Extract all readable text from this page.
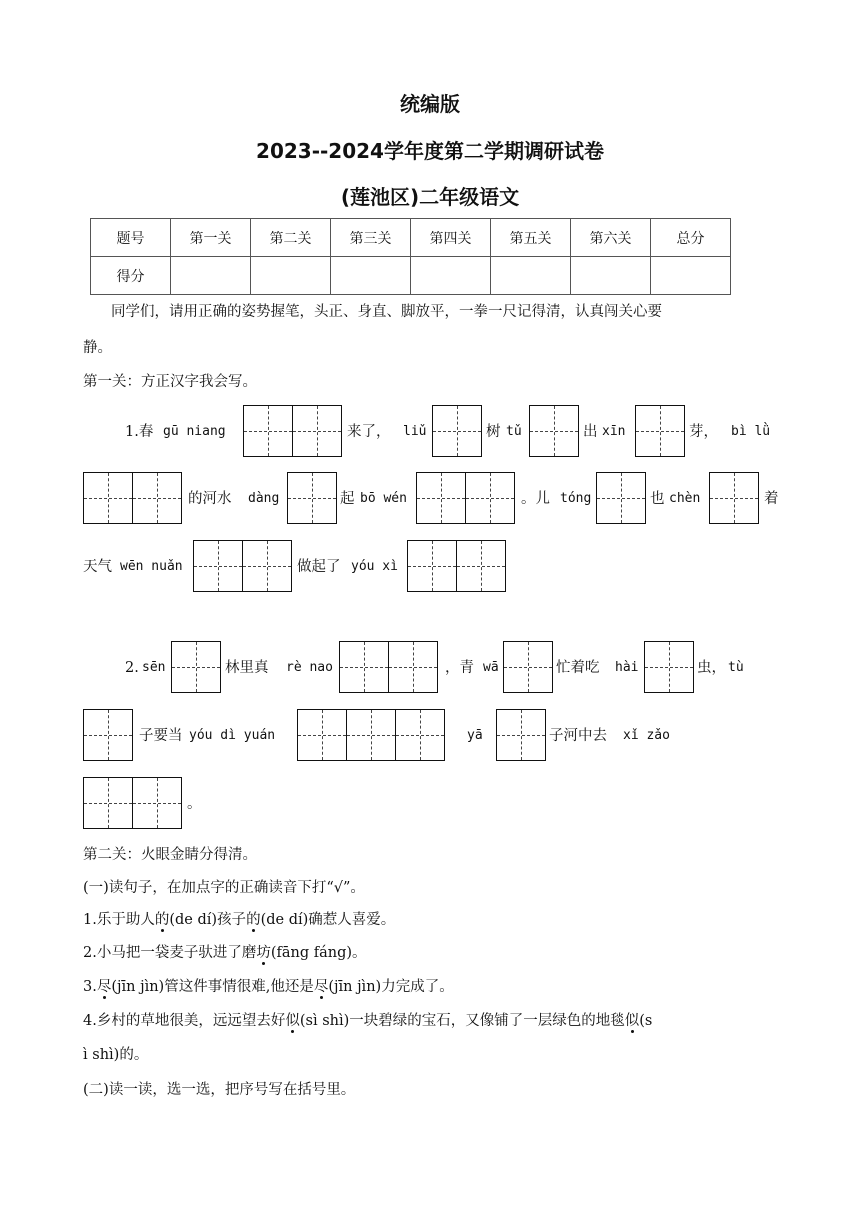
统编版
2023--2024学年度第二学期调研试卷
(莲池区)二年级语文
题号	第一关	第二关	第三关	第四关	第五关	第六关	总分
得分							

同学们，请用正确的姿势握笔，头正、身直、脚放平，一拳一尺记得清，认真闯关心要

静。

第一关：方正汉字我会写。

1.春 gū niang	来了， liǔ	树 tǔ	出 xīn	芽， bì lǜ
的河水 dàng	起 bō wén	。儿 tóng	也 chèn	着
天气 wēn nuǎn	做起了 yóu xì
2. sēn	林里真 rè nao	，青 wā	忙着吃 hài	虫， tù
子要当 yóu dì yuán	yā	子河中去 xǐ zǎo
。

第二关：火眼金睛分得清。

(一)读句子，在加点字的正确读音下打“√”。

1.乐于助人的(de dí)孩子的(de dí)确惹人喜爱。

2.小马把一袋麦子驮进了磨坊(fāng fáng)。

3.尽(jīn jìn)管这件事情很难,他还是尽(jīn jìn)力完成了。

4.乡村的草地很美，远远望去好似(sì shì)一块碧绿的宝石，又像铺了一层绿色的地毯似(s

ì shì)的。

(二)读一读，选一选，把序号写在括号里。
